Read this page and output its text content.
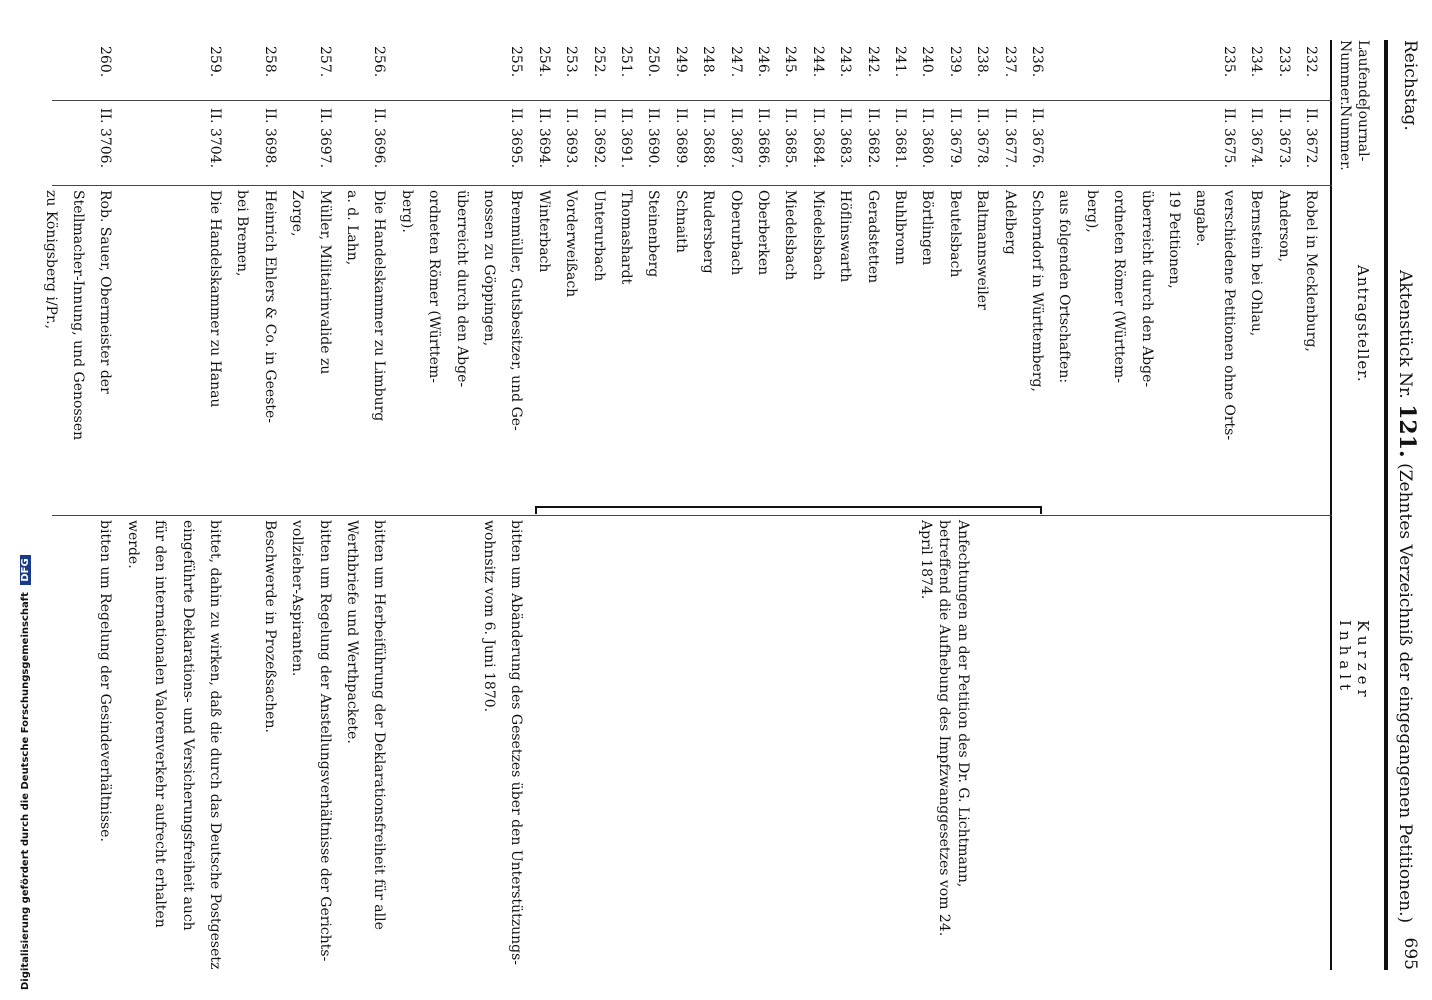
Reichstag.
Aktenstück Nr. 121. (Zehntes Verzeichniß der eingegangenen Petitionen.)
695
Laufende
Nummer.
Journal-
Nummer.
Antragsteller.
Kurzer Inhalt
232.
II. 3672.
Robel in Mecklenburg,
233.
II. 3673.
Anderson,
234.
II. 3674.
Bernstein bei Ohlau,
235.
II. 3675.
verschiedene Petitionen ohne Orts-
angabe.
19 Petitionen,
überreicht durch den Abge-
ordneten Römer (Württem-
berg),
aus folgenden Ortschaften:
236.
II. 3676.
Schorndorf in Württemberg,
237.
II. 3677.
Adelberg
238.
II. 3678.
Baltmannsweiler
239.
II. 3679.
Beutelsbach
240.
II. 3680.
Börtlingen
241.
II. 3681.
Buhlbronn
242.
II. 3682.
Geradstetten
243.
II. 3683.
Höflinswarth
244.
II. 3684.
Miedelsbach
245.
II. 3685.
Miedelsbach
246.
II. 3686.
Oberberken
247.
II. 3687.
Oberurbach
248.
II. 3688.
Rudersberg
249.
II. 3689.
Schnaith
250.
II. 3690.
Steinenberg
251.
II. 3691.
Thomashardt
252.
II. 3692.
Unterurbach
253.
II. 3693.
Vorderweißach
254.
II. 3694.
Winterbach
255.
II. 3695.
Brenmüller, Gutsbesitzer, und Ge-
bitten um Abänderung des Gesetzes über den Unterstützungs-
nossen zu Göppingen,
wohnsitz vom 6. Juni 1870.
überreicht durch den Abge-
ordneten Römer (Württem-
berg).
256.
II. 3696.
Die Handelskammer zu Limburg
bitten um Herbeiführung der Deklarationsfreiheit für alle
a. d. Lahn,
Werthbriefe und Werthpackete.
257.
II. 3697.
Müller, Militairinvalide zu
bitten um Regelung der Anstellungsverhältnisse der Gerichts-
Zorge,
vollzieher-Aspiranten.
258.
II. 3698.
Heinrich Ehlers & Co. in Geeste-
Beschwerde in Prozeßsachen.
bei Bremen,
259.
II. 3704.
Die Handelskammer zu Hanau
bittet, dahin zu wirken, daß die durch das Deutsche Postgesetz
eingeführte Deklarations- und Versicherungsfreiheit auch
für den internationalen Valorenverkehr aufrecht erhalten
werde.
260.
II. 3706.
Rob. Sauer, Obermeister der
bitten um Regelung der Gesindeverhältnisse.
Stellmacher-Innung, und Genossen
zu Königsberg i/Pr.,
Anfechtungen an der Petition des Dr. G. Lichtmann, betreffend die Aufhebung des Impfzwanggesetzes vom 24. April 1874.
Digitalisierung gefördert durch die Deutsche Forschungsgemeinschaft DFG
